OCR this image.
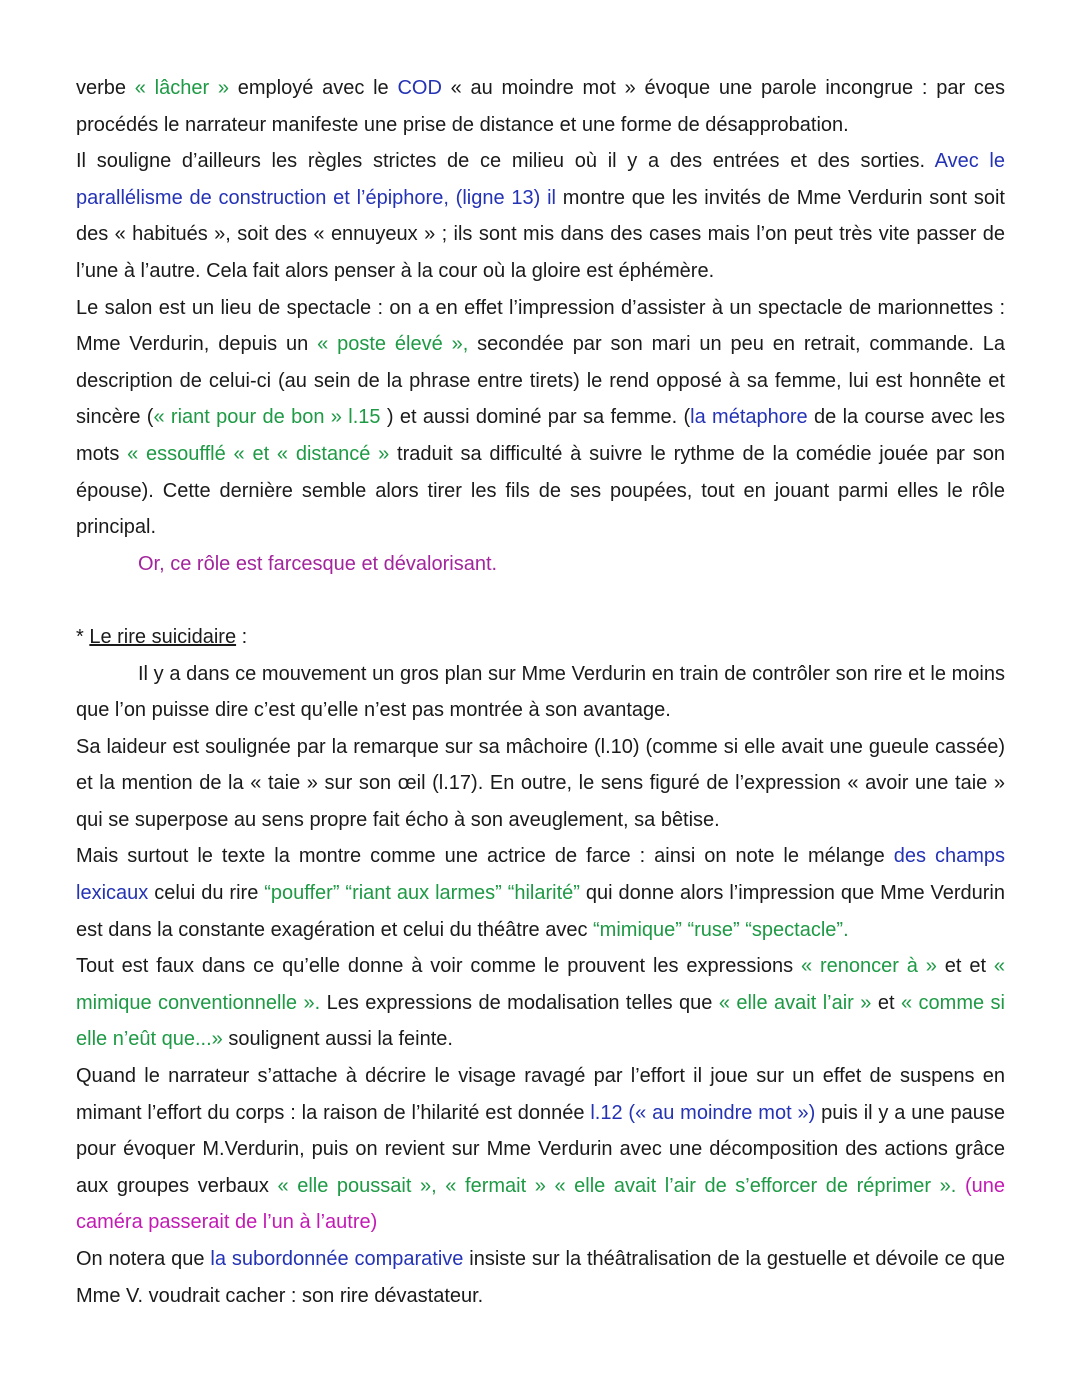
verbe « lâcher » employé avec le COD « au moindre mot » évoque une parole incongrue : par ces procédés le narrateur manifeste une prise de distance et une forme de désapprobation.

Il souligne d’ailleurs les règles strictes de ce milieu où il y a des entrées et des sorties. Avec le parallélisme de construction et l’épiphore, (ligne 13) il montre que les invités de Mme Verdurin sont soit des « habitués », soit des « ennuyeux » ; ils sont mis dans des cases mais l’on peut très vite passer de l’une à l’autre. Cela fait alors penser à la cour où la gloire est éphémère.

Le salon est un lieu de spectacle : on a en effet l’impression d’assister à un spectacle de marionnettes : Mme Verdurin, depuis un « poste élevé », secondée par son mari un peu en retrait, commande. La description de celui-ci (au sein de la phrase entre tirets) le rend opposé à sa femme, lui est honnête et sincère (« riant pour de bon » l.15 ) et aussi dominé par sa femme. (la métaphore de la course avec les mots « essoufflé « et « distancé » traduit sa difficulté à suivre le rythme de la comédie jouée par son épouse). Cette dernière semble alors tirer les fils de ses poupées, tout en jouant parmi elles le rôle principal.

Or, ce rôle est farcesque et dévalorisant.

* Le rire suicidaire :

Il y a dans ce mouvement un gros plan sur Mme Verdurin en train de contrôler son rire et le moins que l’on puisse dire c’est qu’elle n’est pas montrée à son avantage.

Sa laideur est soulignée par la remarque sur sa mâchoire (l.10) (comme si elle avait une gueule cassée) et la mention de la « taie » sur son œil (l.17). En outre, le sens figuré de l’expression « avoir une taie » qui se superpose au sens propre fait écho à son aveuglement, sa bêtise.

Mais surtout le texte la montre comme une actrice de farce : ainsi on note le mélange des champs lexicaux celui du rire “pouffer” “riant aux larmes” “hilarité” qui donne alors l’impression que Mme Verdurin est dans la constante exagération et celui du théâtre avec “mimique” “ruse” “spectacle”.

Tout est faux dans ce qu’elle donne à voir comme le prouvent les expressions « renoncer à » et et « mimique conventionnelle ». Les expressions de modalisation telles que « elle avait l’air » et « comme si elle n’eût que...» soulignent aussi la feinte.

Quand le narrateur s’attache à décrire le visage ravagé par l’effort il joue sur un effet de suspens en mimant l’effort du corps : la raison de l’hilarité est donnée l.12 (« au moindre mot ») puis il y a une pause pour évoquer M.Verdurin, puis on revient sur Mme Verdurin avec une décomposition des actions grâce aux groupes verbaux « elle poussait », « fermait » « elle avait l’air de s’efforcer de réprimer ». (une caméra passerait de l’un à l’autre)

On notera que la subordonnée comparative insiste sur la théâtralisation de la gestuelle et dévoile ce que Mme V. voudrait cacher : son rire dévastateur.
